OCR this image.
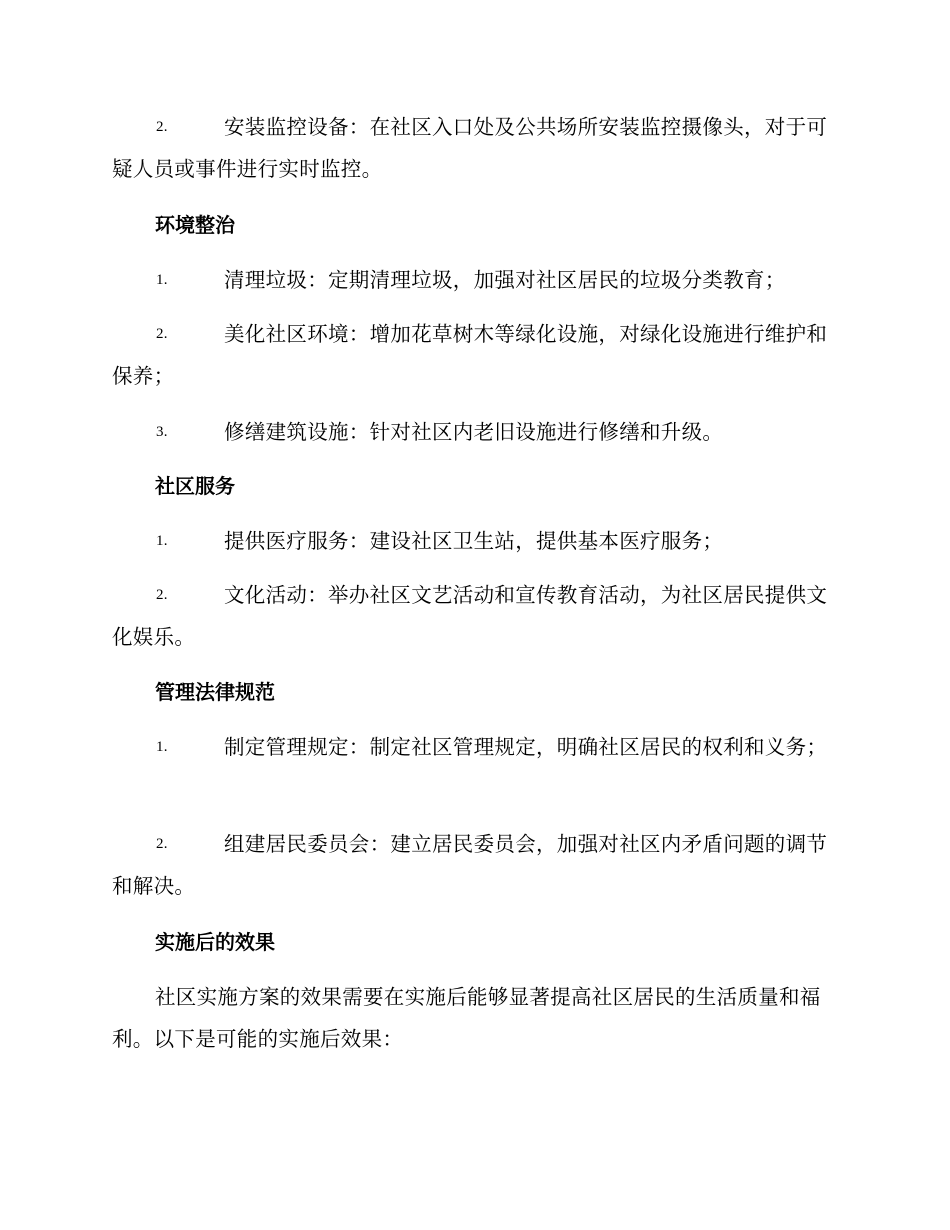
2.	安装监控设备：在社区入口处及公共场所安装监控摄像头，对于可疑人员或事件进行实时监控。
环境整治
1.	清理垃圾：定期清理垃圾，加强对社区居民的垃圾分类教育；
2.	美化社区环境：增加花草树木等绿化设施，对绿化设施进行维护和保养；
3.	修缮建筑设施：针对社区内老旧设施进行修缮和升级。
社区服务
1.	提供医疗服务：建设社区卫生站，提供基本医疗服务；
2.	文化活动：举办社区文艺活动和宣传教育活动，为社区居民提供文化娱乐。
管理法律规范
1.	制定管理规定：制定社区管理规定，明确社区居民的权利和义务；
2.	组建居民委员会：建立居民委员会，加强对社区内矛盾问题的调节和解决。
实施后的效果
社区实施方案的效果需要在实施后能够显著提高社区居民的生活质量和福利。以下是可能的实施后效果：
